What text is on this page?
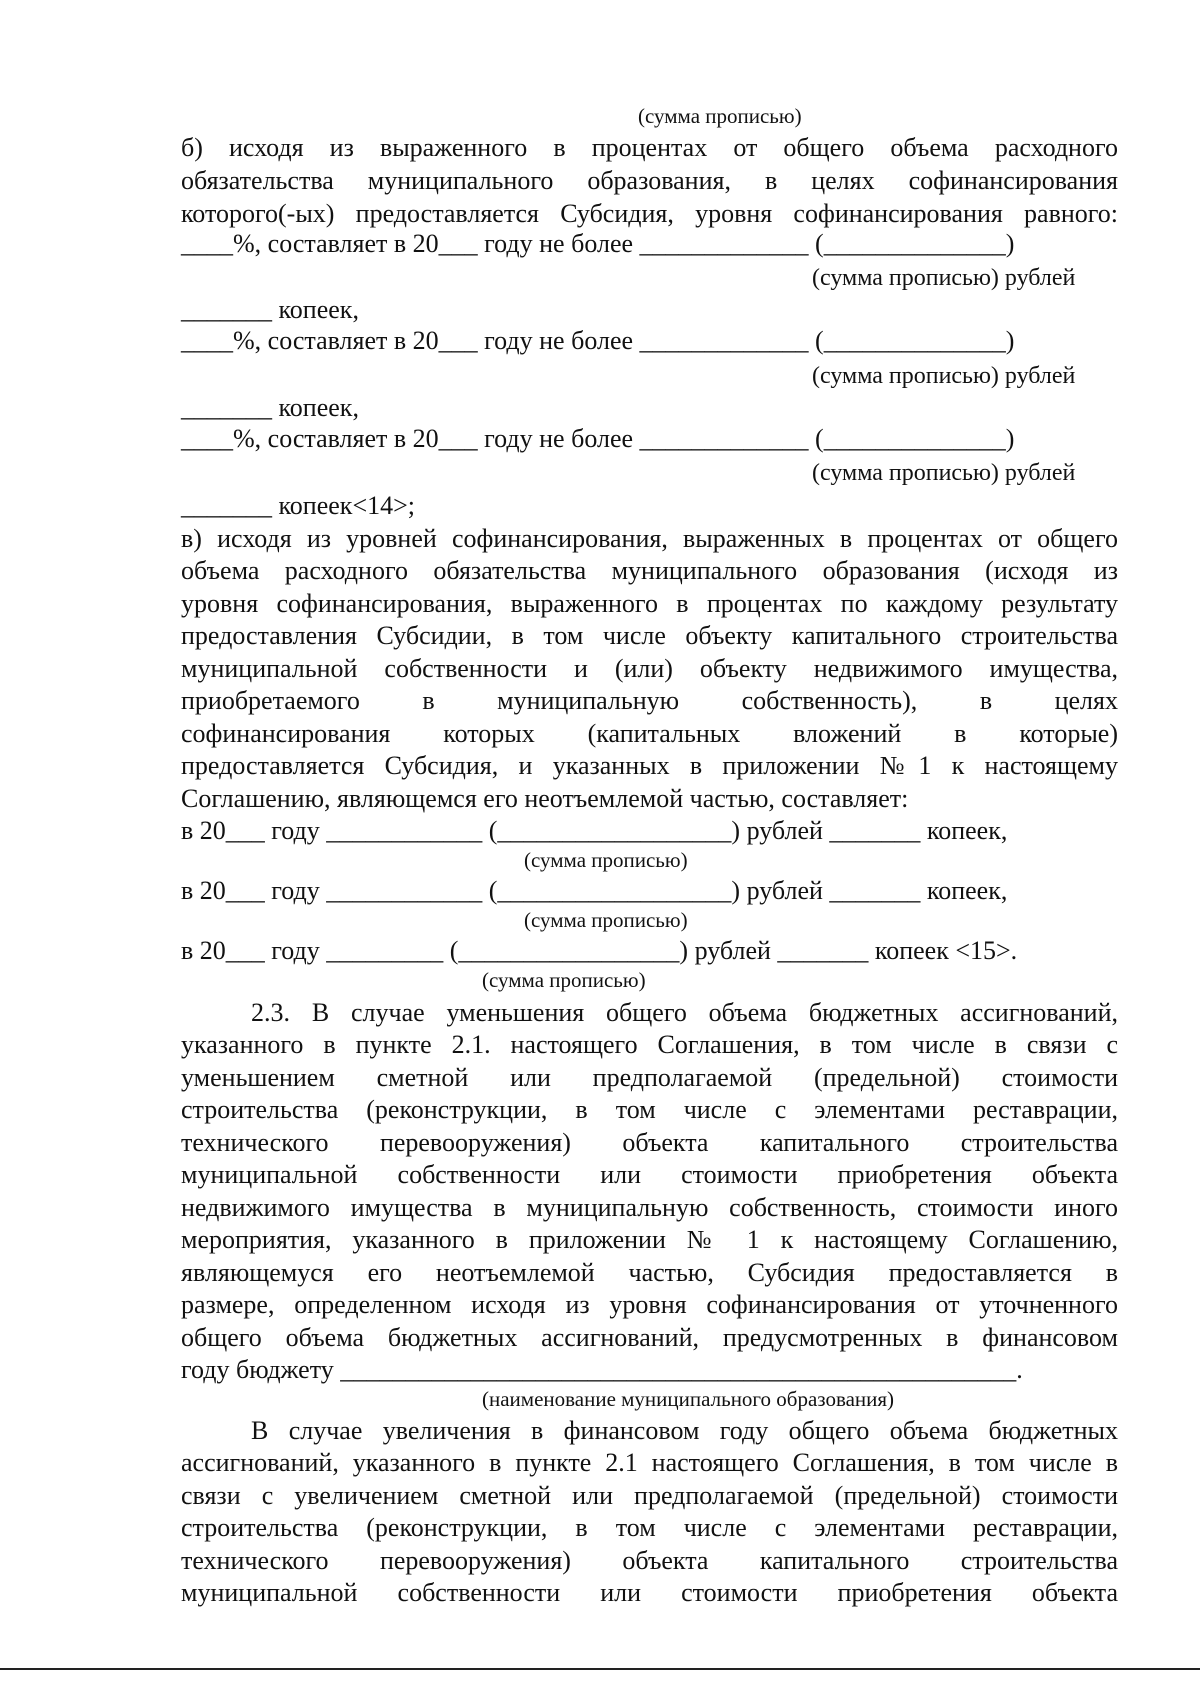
(сумма прописью)
б) исходя из выраженного в процентах от общего объема расходного
обязательства муниципального образования, в целях софинансирования
которого(-ых) предоставляется Субсидия, уровня софинансирования равного:
____%, составляет в 20___ году не более _____________ (______________)
(сумма прописью) рублей
_______ копеек,
____%, составляет в 20___ году не более _____________ (______________)
(сумма прописью) рублей
_______ копеек,
____%, составляет в 20___ году не более _____________ (______________)
(сумма прописью) рублей
_______ копеек<14>;
в) исходя из уровней софинансирования, выраженных в процентах от общего
объема расходного обязательства муниципального образования (исходя из
уровня софинансирования, выраженного в процентах по каждому результату
предоставления Субсидии, в том числе объекту капитального строительства
муниципальной собственности и (или) объекту недвижимого имущества,
приобретаемого в муниципальную собственность), в целях
софинансирования которых (капитальных вложений в которые)
предоставляется Субсидия, и указанных в приложении №1 к настоящему
Соглашению, являющемся его неотъемлемой частью, составляет:
в 20___ году ____________ (__________________) рублей _______ копеек,
(сумма прописью)
в 20___ году ____________ (__________________) рублей _______ копеек,
(сумма прописью)
в 20___ году _________ (_________________) рублей _______ копеек <15>.
(сумма прописью)
2.3. В случае уменьшения общего объема бюджетных ассигнований,
указанного в пункте 2.1. настоящего Соглашения, в том числе в связи с
уменьшением сметной или предполагаемой (предельной) стоимости
строительства (реконструкции, в том числе с элементами реставрации,
технического перевооружения) объекта капитального строительства
муниципальной собственности или стоимости приобретения объекта
недвижимого имущества в муниципальную собственность, стоимости иного
мероприятия, указанного в приложении № 1 к настоящему Соглашению,
являющемуся его неотъемлемой частью, Субсидия предоставляется в
размере, определенном исходя из уровня софинансирования от уточненного
общего объема бюджетных ассигнований, предусмотренных в финансовом
году бюджету ____________________________________________________.
(наименование муниципального образования)
В случае увеличения в финансовом году общего объема бюджетных
ассигнований, указанного в пункте 2.1 настоящего Соглашения, в том числе в
связи с увеличением сметной или предполагаемой (предельной) стоимости
строительства (реконструкции, в том числе с элементами реставрации,
технического перевооружения) объекта капитального строительства
муниципальной собственности или стоимости приобретения объекта
